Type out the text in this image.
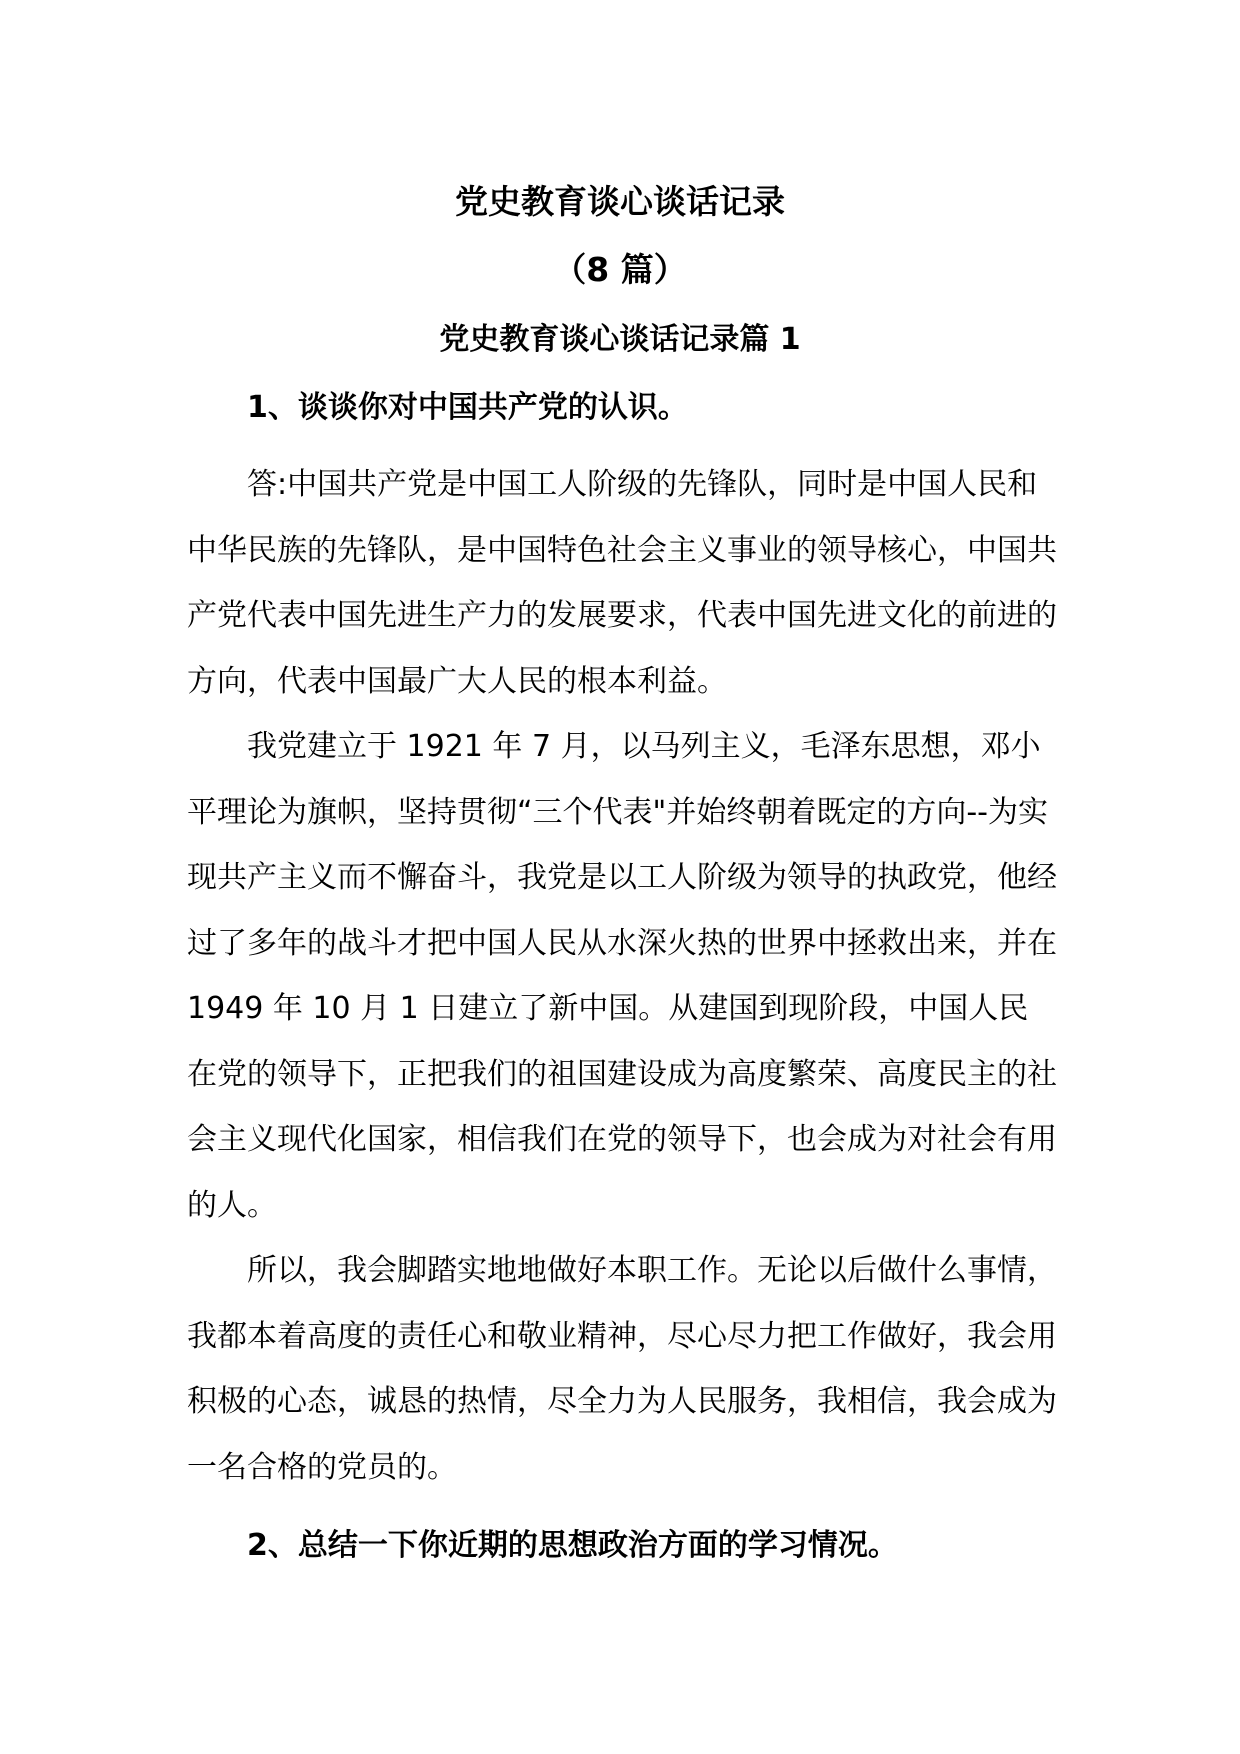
党史教育谈心谈话记录
（8 篇）
党史教育谈心谈话记录篇 1

1、谈谈你对中国共产党的认识。

答:中国共产党是中国工人阶级的先锋队，同时是中国人民和中华民族的先锋队，是中国特色社会主义事业的领导核心，中国共产党代表中国先进生产力的发展要求，代表中国先进文化的前进的方向，代表中国最广大人民的根本利益。

我党建立于 1921 年 7 月，以马列主义，毛泽东思想，邓小平理论为旗帜，坚持贯彻“三个代表"并始终朝着既定的方向--为实现共产主义而不懈奋斗，我党是以工人阶级为领导的执政党，他经过了多年的战斗才把中国人民从水深火热的世界中拯救出来，并在 1949 年 10 月 1 日建立了新中国。从建国到现阶段，中国人民在党的领导下，正把我们的祖国建设成为高度繁荣、高度民主的社会主义现代化国家，相信我们在党的领导下，也会成为对社会有用的人。

所以，我会脚踏实地地做好本职工作。无论以后做什么事情，我都本着高度的责任心和敬业精神，尽心尽力把工作做好，我会用积极的心态，诚恳的热情，尽全力为人民服务，我相信，我会成为一名合格的党员的。

2、总结一下你近期的思想政治方面的学习情况。
